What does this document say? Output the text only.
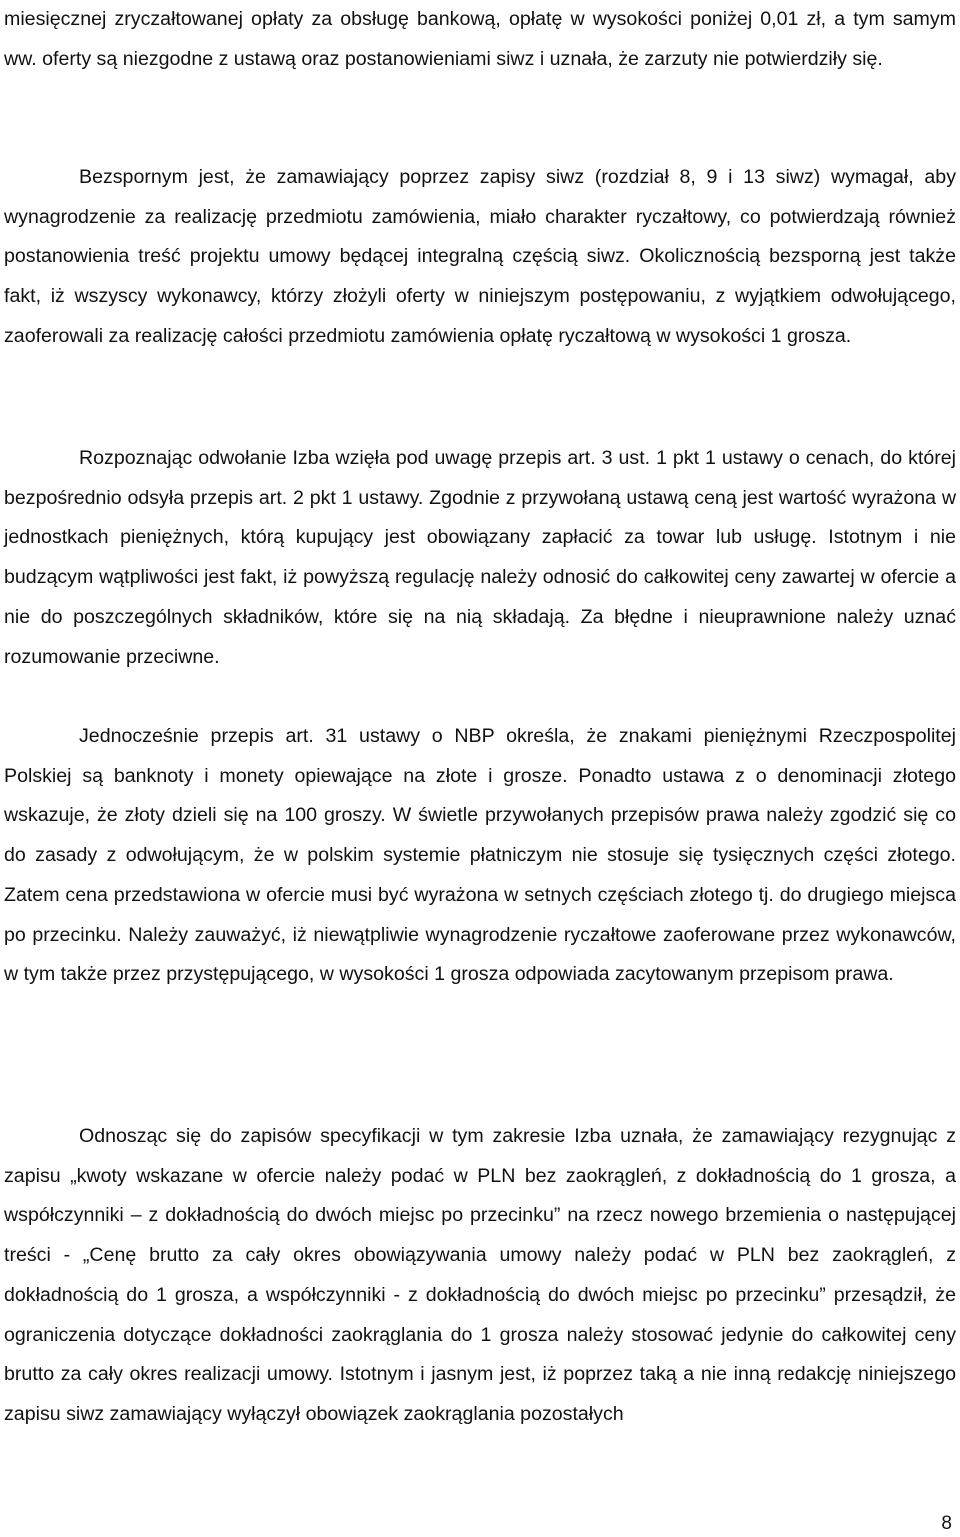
miesięcznej zryczałtowanej opłaty za obsługę bankową, opłatę w wysokości poniżej 0,01 zł, a tym samym ww. oferty są niezgodne z ustawą oraz postanowieniami siwz i uznała, że zarzuty nie potwierdziły się.

Bezspornym jest, że zamawiający poprzez zapisy siwz (rozdział 8, 9 i 13 siwz) wymagał, aby wynagrodzenie za realizację przedmiotu zamówienia, miało charakter ryczałtowy, co potwierdzają również postanowienia treść projektu umowy będącej integralną częścią siwz. Okolicznością bezsporną jest także fakt, iż wszyscy wykonawcy, którzy złożyli oferty w niniejszym postępowaniu, z wyjątkiem odwołującego, zaoferowali za realizację całości przedmiotu zamówienia opłatę ryczałtową w wysokości 1 grosza.

Rozpoznając odwołanie Izba wzięła pod uwagę przepis art. 3 ust. 1 pkt 1 ustawy o cenach, do której bezpośrednio odsyła przepis art. 2 pkt 1 ustawy. Zgodnie z przywołaną ustawą ceną jest wartość wyrażona w jednostkach pieniężnych, którą kupujący jest obowiązany zapłacić za towar lub usługę. Istotnym i nie budzącym wątpliwości jest fakt, iż powyższą regulację należy odnosić do całkowitej ceny zawartej w ofercie a nie do poszczególnych składników, które się na nią składają. Za błędne i nieuprawnione należy uznać rozumowanie przeciwne.

Jednocześnie przepis art. 31 ustawy o NBP określa, że znakami pieniężnymi Rzeczpospolitej Polskiej są banknoty i monety opiewające na złote i grosze. Ponadto ustawa z o denominacji złotego wskazuje, że złoty dzieli się na 100 groszy. W świetle przywołanych przepisów prawa należy zgodzić się co do zasady z odwołującym, że w polskim systemie płatniczym nie stosuje się tysięcznych części złotego. Zatem cena przedstawiona w ofercie musi być wyrażona w setnych częściach złotego tj. do drugiego miejsca po przecinku. Należy zauważyć, iż niewątpliwie wynagrodzenie ryczałtowe zaoferowane przez wykonawców, w tym także przez przystępującego, w wysokości 1 grosza odpowiada zacytowanym przepisom prawa.

Odnosząc się do zapisów specyfikacji w tym zakresie Izba uznała, że zamawiający rezygnując z zapisu „kwoty wskazane w ofercie należy podać w PLN bez zaokrągleń, z dokładnością do 1 grosza, a współczynniki – z dokładnością do dwóch miejsc po przecinku” na rzecz nowego brzemienia o następującej treści - „Cenę brutto za cały okres obowiązywania umowy należy podać w PLN bez zaokrągleń, z dokładnością do 1 grosza, a współczynniki - z dokładnością do dwóch miejsc po przecinku” przesądził, że ograniczenia dotyczące dokładności zaokrąglania do 1 grosza należy stosować jedynie do całkowitej ceny brutto za cały okres realizacji umowy. Istotnym i jasnym jest, iż poprzez taką a nie inną redakcję niniejszego zapisu siwz zamawiający wyłączył obowiązek zaokrąglania pozostałych

8
